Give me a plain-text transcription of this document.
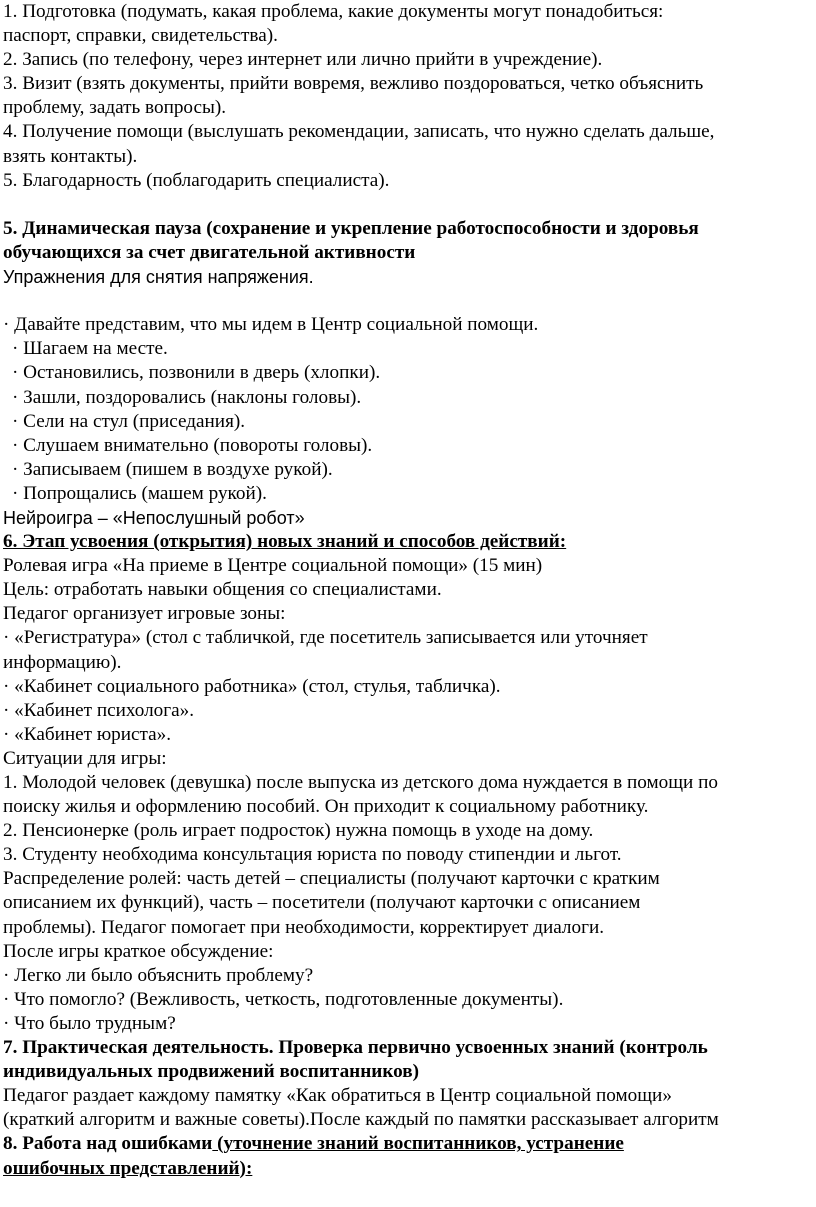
1. Подготовка (подумать, какая проблема, какие документы могут понадобиться:
паспорт, справки, свидетельства).
2. Запись (по телефону, через интернет или лично прийти в учреждение).
3. Визит (взять документы, прийти вовремя, вежливо поздороваться, четко объяснить
проблему, задать вопросы).
4. Получение помощи (выслушать рекомендации, записать, что нужно сделать дальше,
взять контакты).
5. Благодарность (поблагодарить специалиста).
5. Динамическая пауза (сохранение и укрепление работоспособности и здоровья
обучающихся за счет двигательной активности
Упражнения для снятия напряжения.
· Давайте представим, что мы идем в Центр социальной помощи.
· Шагаем на месте.
· Остановились, позвонили в дверь (хлопки).
· Зашли, поздоровались (наклоны головы).
· Сели на стул (приседания).
· Слушаем внимательно (повороты головы).
· Записываем (пишем в воздухе рукой).
· Попрощались (машем рукой).
Нейроигра – «Непослушный робот»
6. Этап усвоения (открытия) новых знаний и способов действий:
Ролевая игра «На приеме в Центре социальной помощи» (15 мин)
Цель: отработать навыки общения со специалистами.
Педагог организует игровые зоны:
· «Регистратура» (стол с табличкой, где посетитель записывается или уточняет
информацию).
· «Кабинет социального работника» (стол, стулья, табличка).
· «Кабинет психолога».
· «Кабинет юриста».
Ситуации для игры:
1. Молодой человек (девушка) после выпуска из детского дома нуждается в помощи по
поиску жилья и оформлению пособий. Он приходит к социальному работнику.
2. Пенсионерке (роль играет подросток) нужна помощь в уходе на дому.
3. Студенту необходима консультация юриста по поводу стипендии и льгот.
Распределение ролей: часть детей – специалисты (получают карточки с кратким
описанием их функций), часть – посетители (получают карточки с описанием
проблемы). Педагог помогает при необходимости, корректирует диалоги.
После игры краткое обсуждение:
· Легко ли было объяснить проблему?
· Что помогло? (Вежливость, четкость, подготовленные документы).
· Что было трудным?
7. Практическая деятельность. Проверка первично усвоенных знаний (контроль
индивидуальных продвижений воспитанников)
Педагог раздает каждому памятку «Как обратиться в Центр социальной помощи»
(краткий алгоритм и важные советы).После каждый по памятки рассказывает алгоритм
8. Работа над ошибками (уточнение знаний воспитанников, устранение
ошибочных представлений):
